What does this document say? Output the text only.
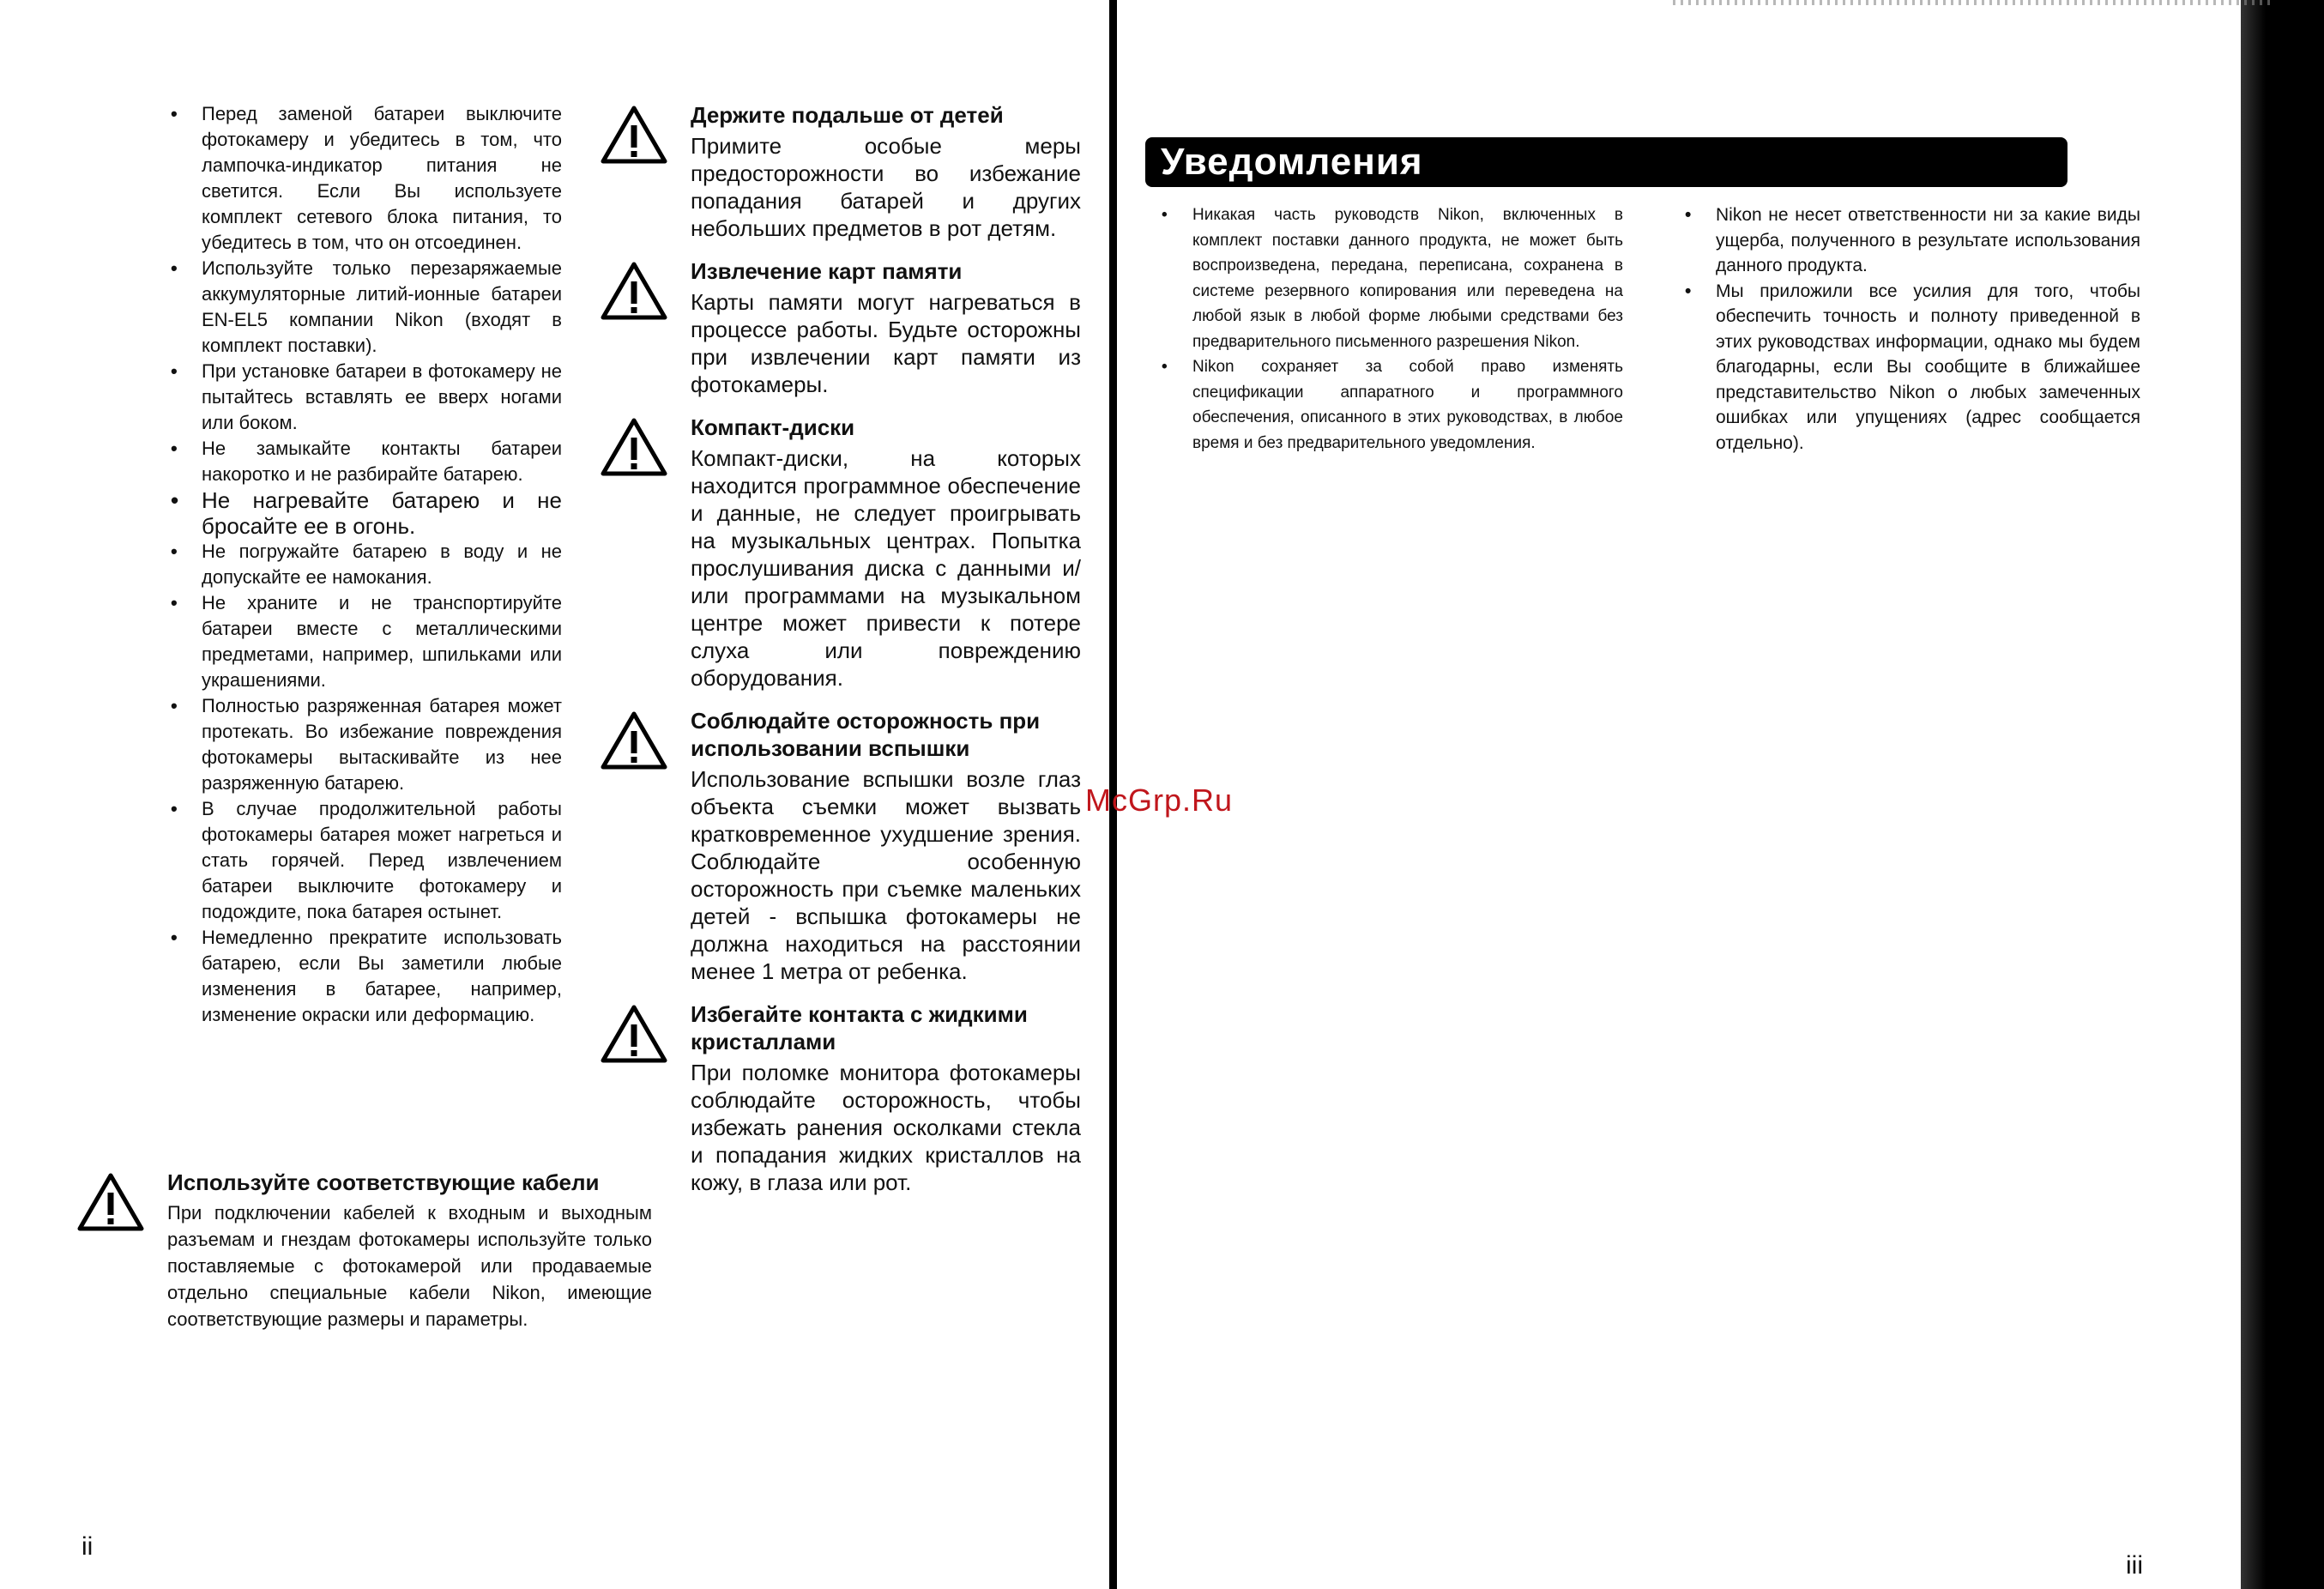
• Перед заменой батареи выключите фотокамеру и убедитесь в том, что лампочка-индикатор питания не светится. Если Вы используете комплект сетевого блока питания, то убедитесь в том, что он отсоединен.
• Используйте только перезаряжаемые аккумуляторные литий-ионные батареи EN-EL5 компании Nikon (входят в комплект поставки).
• При установке батареи в фотокамеру не пытайтесь вставлять ее вверх ногами или боком.
• Не замыкайте контакты батареи накоротко и не разбирайте батарею.
• Не нагревайте батарею и не бросайте ее в огонь.
• Не погружайте батарею в воду и не допускайте ее намокания.
• Не храните и не транспортируйте батареи вместе с металлическими предметами, например, шпильками или украшениями.
• Полностью разряженная батарея может протекать. Во избежание повреждения фотокамеры вытаскивайте из нее разряженную батарею.
• В случае продолжительной работы фотокамеры батарея может нагреться и стать горячей. Перед извлечением батареи выключите фотокамеру и подождите, пока батарея остынет.
• Немедленно прекратите использовать батарею, если Вы заметили любые изменения в батарее, например, изменение окраски или деформацию.
Используйте соответствующие кабели

При подключении кабелей к входным и выходным разъемам и гнездам фотокамеры используйте только поставляемые с фотокамерой или продаваемые отдельно специальные кабели Nikon, имеющие соответствующие размеры и параметры.

Держите подальше от детей

Примите особые меры предосторожности во избежание попадания батарей и других небольших предметов в рот детям.

Извлечение карт памяти

Карты памяти могут нагреваться в процессе работы. Будьте осторожны при извлечении карт памяти из фотокамеры.

Компакт-диски

Компакт-диски, на которых находится программное обеспечение и данные, не следует проигрывать на музыкальных центрах. Попытка прослушивания диска с данными и/или программами на музыкальном центре может привести к потере слуха или повреждению оборудования.

Соблюдайте осторожность при использовании вспышки

Использование вспышки возле глаз объекта съемки может вызвать кратковременное ухудшение зрения. Соблюдайте особенную осторожность при съемке маленьких детей - вспышка фотокамеры не должна находиться на расстоянии менее 1 метра от ребенка.

Избегайте контакта с жидкими кристаллами

При поломке монитора фотокамеры соблюдайте осторожность, чтобы избежать ранения осколками стекла и попадания жидких кристаллов на кожу, в глаза или рот.

ii
McGrp.Ru
Уведомления
• Никакая часть руководств Nikon, включенных в комплект поставки данного продукта, не может быть воспроизведена, передана, переписана, сохранена в системе резервного копирования или переведена на любой язык в любой форме любыми средствами без предварительного письменного разрешения Nikon.
• Nikon сохраняет за собой право изменять спецификации аппаратного и программного обеспечения, описанного в этих руководствах, в любое время и без предварительного уведомления.
• Nikon не несет ответственности ни за какие виды ущерба, полученного в результате использования данного продукта.
• Мы приложили все усилия для того, чтобы обеспечить точность и полноту приведенной в этих руководствах информации, однако мы будем благодарны, если Вы сообщите в ближайшее представительство Nikon о любых замеченных ошибках или упущениях (адрес сообщается отдельно).
iii
